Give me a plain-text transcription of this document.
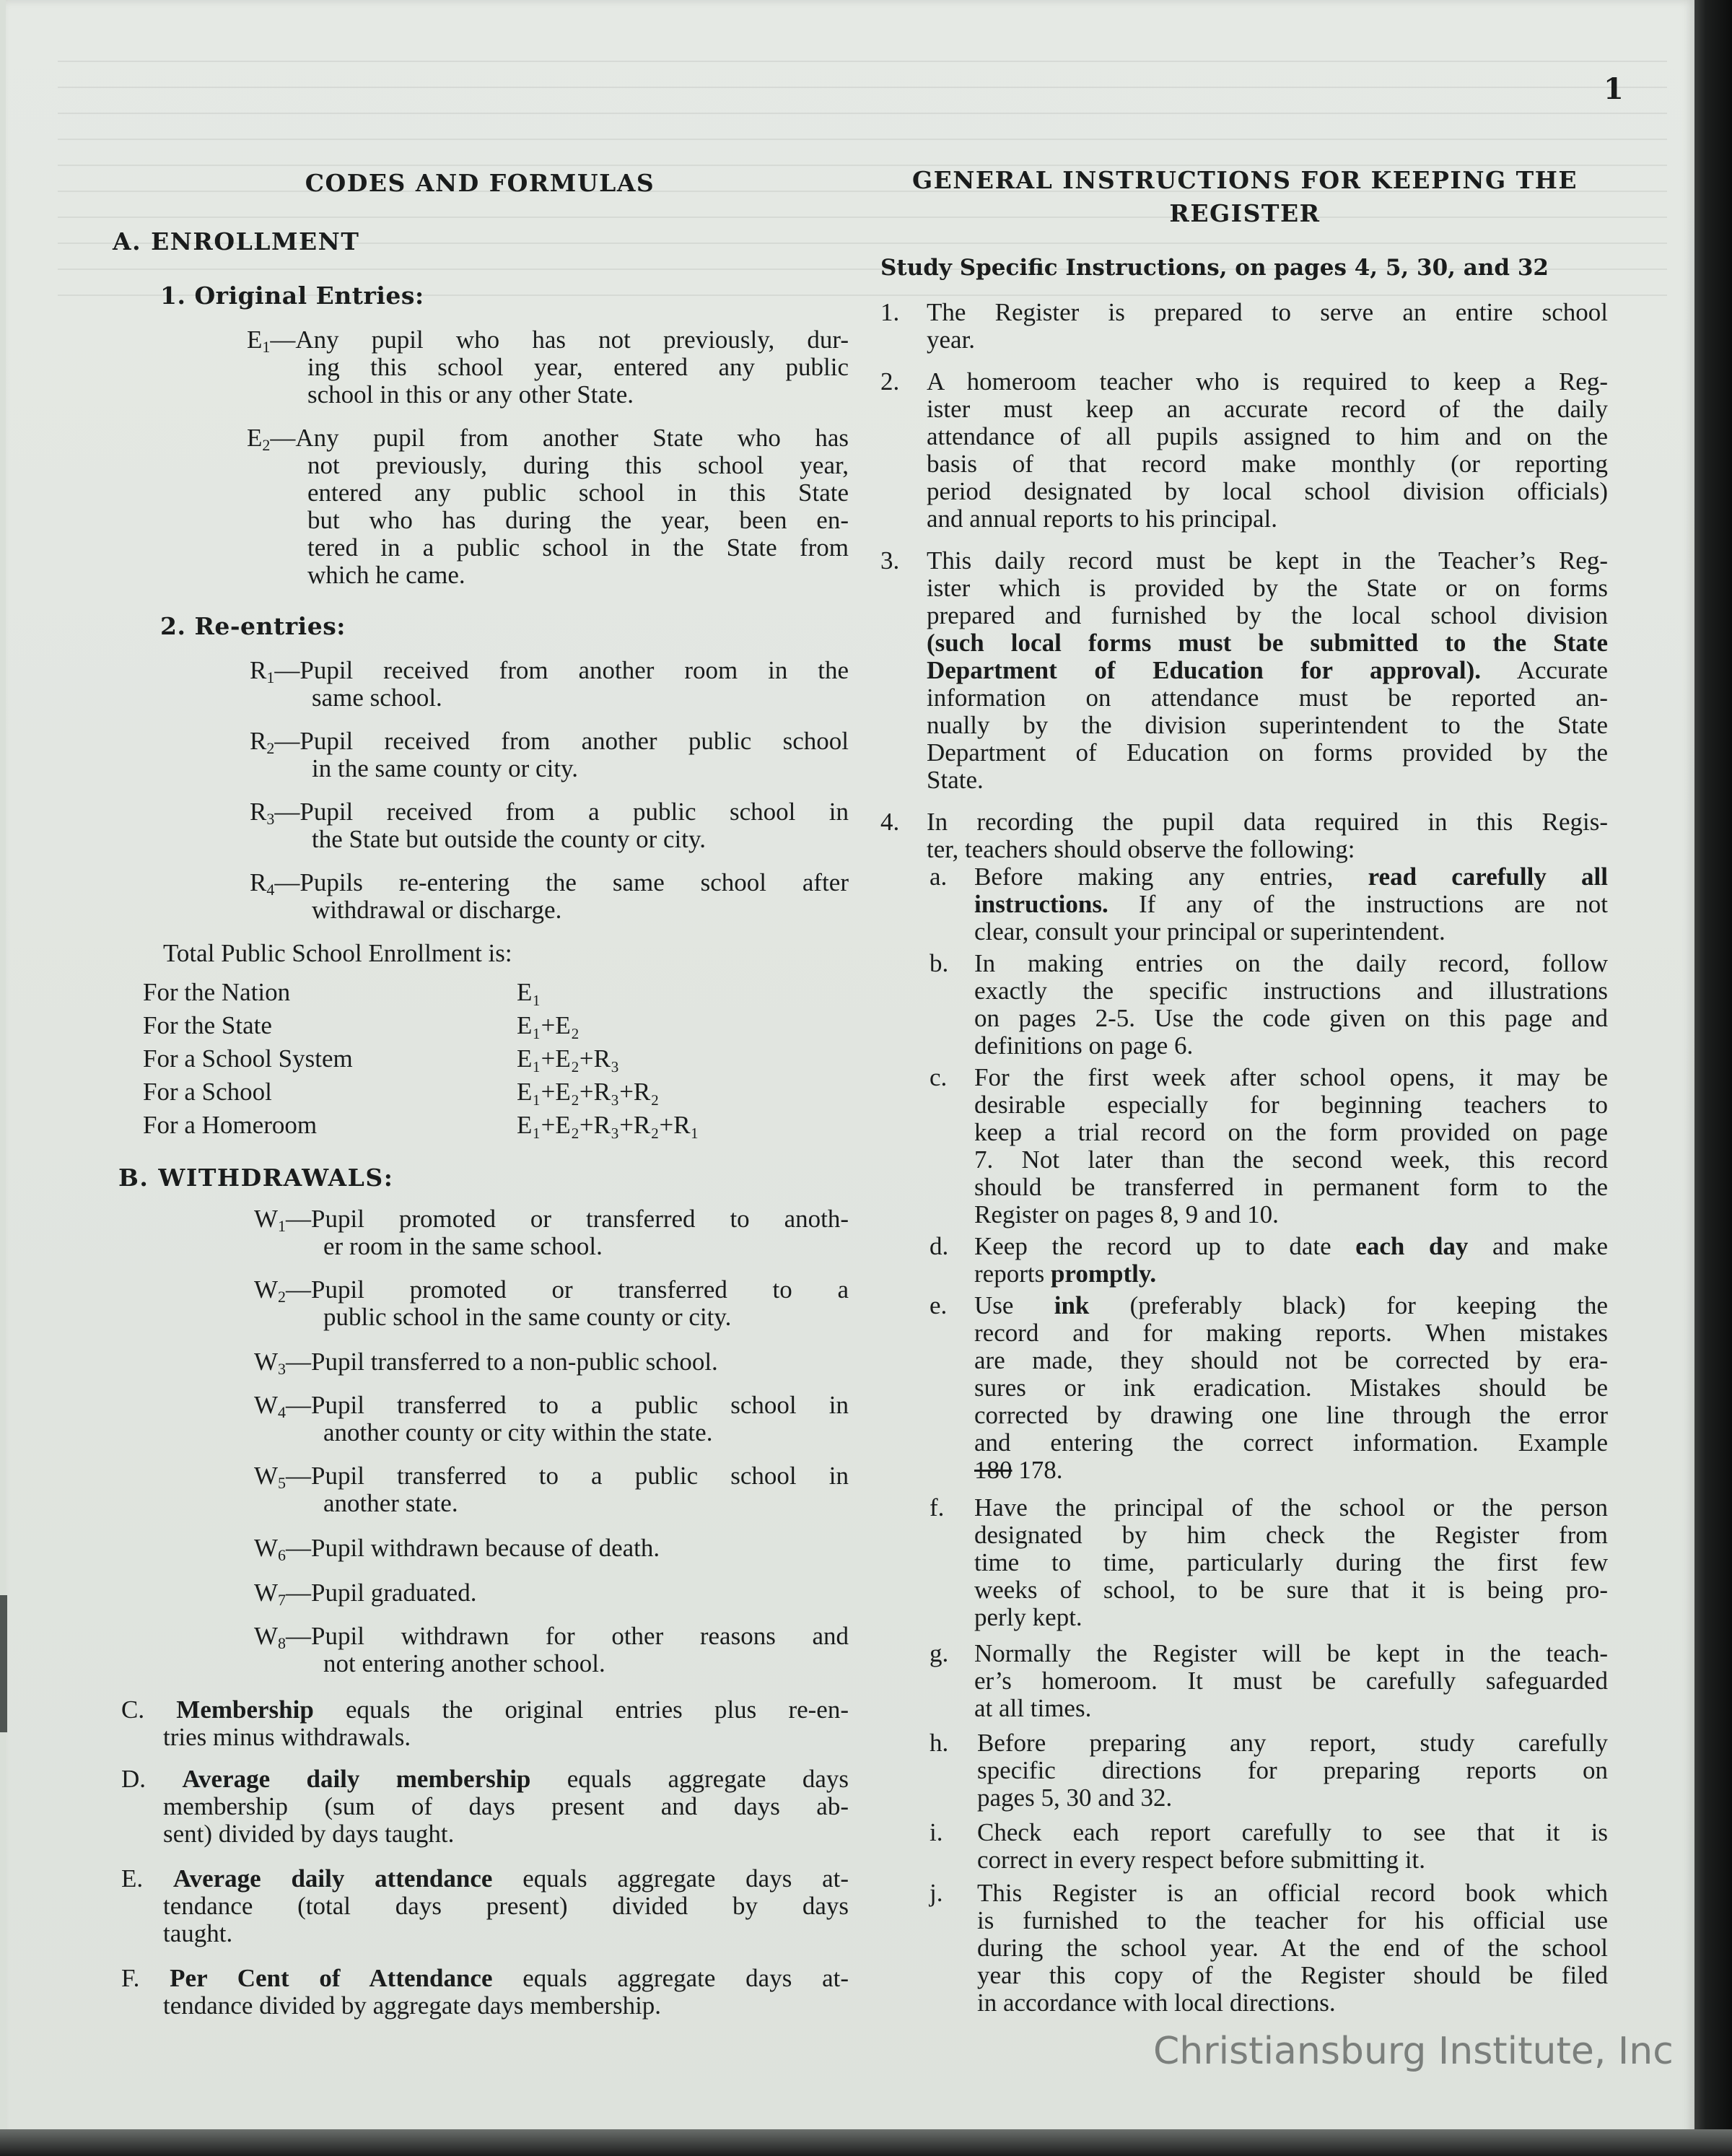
1
CODES AND FORMULAS
A. ENROLLMENT
1. Original Entries:
$E_1—Any$ pupil who has not previously, dur-
ing this school year, entered any public
school in this or any other State.
$E_2—Any$ pupil from another State who has
not previously, during this school year,
entered any public school in this State
but who has during the year, been en-
tered in a public school in the State from
which he came.
2. Re-entries:
$R_1—Pupil$ received from another room in the
same school.
$R_2—Pupil$ received from another public school
in the same county or city.
$R_3—Pupil$ received from a public school in
the State but outside the county or city.
$R_4—Pupils$ re-entering the same school after
withdrawal or discharge.
Total Public School Enrollment is:
For the Nation	E₁
For the State	E₁+E₂
For a School System	E₁+E₂+R₃
For a School	E₁+E₂+R₃+R₂
For a Homeroom	E₁+E₂+R₃+R₂+R₁
B. WITHDRAWALS:
$W_1—Pupil$ promoted or transferred to anoth-
er room in the same school.
$W_2—Pupil$ promoted or transferred to a
public school in the same county or city.
$W_3—Pupil$ transferred to a non-public school.
$W_4—Pupil$ transferred to a public school in
another county or city within the state.
$W_5—Pupil$ transferred to a public school in
another state.
$W_6—Pupil$ withdrawn because of death.
$W_7—Pupil$ graduated.
$W_8—Pupil$ withdrawn for other reasons and
not entering another school.
C. Membership equals the original entries plus re-en-
tries minus withdrawals.
D. Average daily membership equals aggregate days
membership (sum of days present and days ab-
sent) divided by days taught.
E. Average daily attendance equals aggregate days at-
tendance (total days present) divided by days
taught.
F. Per Cent of Attendance equals aggregate days at-
tendance divided by aggregate days membership.
GENERAL INSTRUCTIONS FOR KEEPING THE
REGISTER
Study Specific Instructions, on pages 4, 5, 30, and 32
1. The Register is prepared to serve an entire school
year.
2. A homeroom teacher who is required to keep a Reg-
ister must keep an accurate record of the daily
attendance of all pupils assigned to him and on the
basis of that record make monthly (or reporting
period designated by local school division officials)
and annual reports to his principal.
3. This daily record must be kept in the Teacher’s Reg-
ister which is provided by the State or on forms
prepared and furnished by the local school division
(such local forms must be submitted to the State
Department of Education for approval). Accurate
information on attendance must be reported an-
nually by the division superintendent to the State
Department of Education on forms provided by the
State.
4. In recording the pupil data required in this Regis-
ter, teachers should observe the following:
a. Before making any entries, read carefully all
instructions. If any of the instructions are not
clear, consult your principal or superintendent.
b. In making entries on the daily record, follow
exactly the specific instructions and illustrations
on pages 2-5. Use the code given on this page and
definitions on page 6.
c. For the first week after school opens, it may be
desirable especially for beginning teachers to
keep a trial record on the form provided on page
7. Not later than the second week, this record
should be transferred in permanent form to the
Register on pages 8, 9 and 10.
d. Keep the record up to date each day and make
reports promptly.
e. Use ink (preferably black) for keeping the
record and for making reports. When mistakes
are made, they should not be corrected by era-
sures or ink eradication. Mistakes should be
corrected by drawing one line through the error
and entering the correct information. Example
180 178.
f. Have the principal of the school or the person
designated by him check the Register from
time to time, particularly during the first few
weeks of school, to be sure that it is being pro-
perly kept.
g. Normally the Register will be kept in the teach-
er’s homeroom. It must be carefully safeguarded
at all times.
h. Before preparing any report, study carefully
specific directions for preparing reports on
pages 5, 30 and 32.
i. Check each report carefully to see that it is
correct in every respect before submitting it.
j. This Register is an official record book which
is furnished to the teacher for his official use
during the school year. At the end of the school
year this copy of the Register should be filed
in accordance with local directions.
Christiansburg Institute, Inc
